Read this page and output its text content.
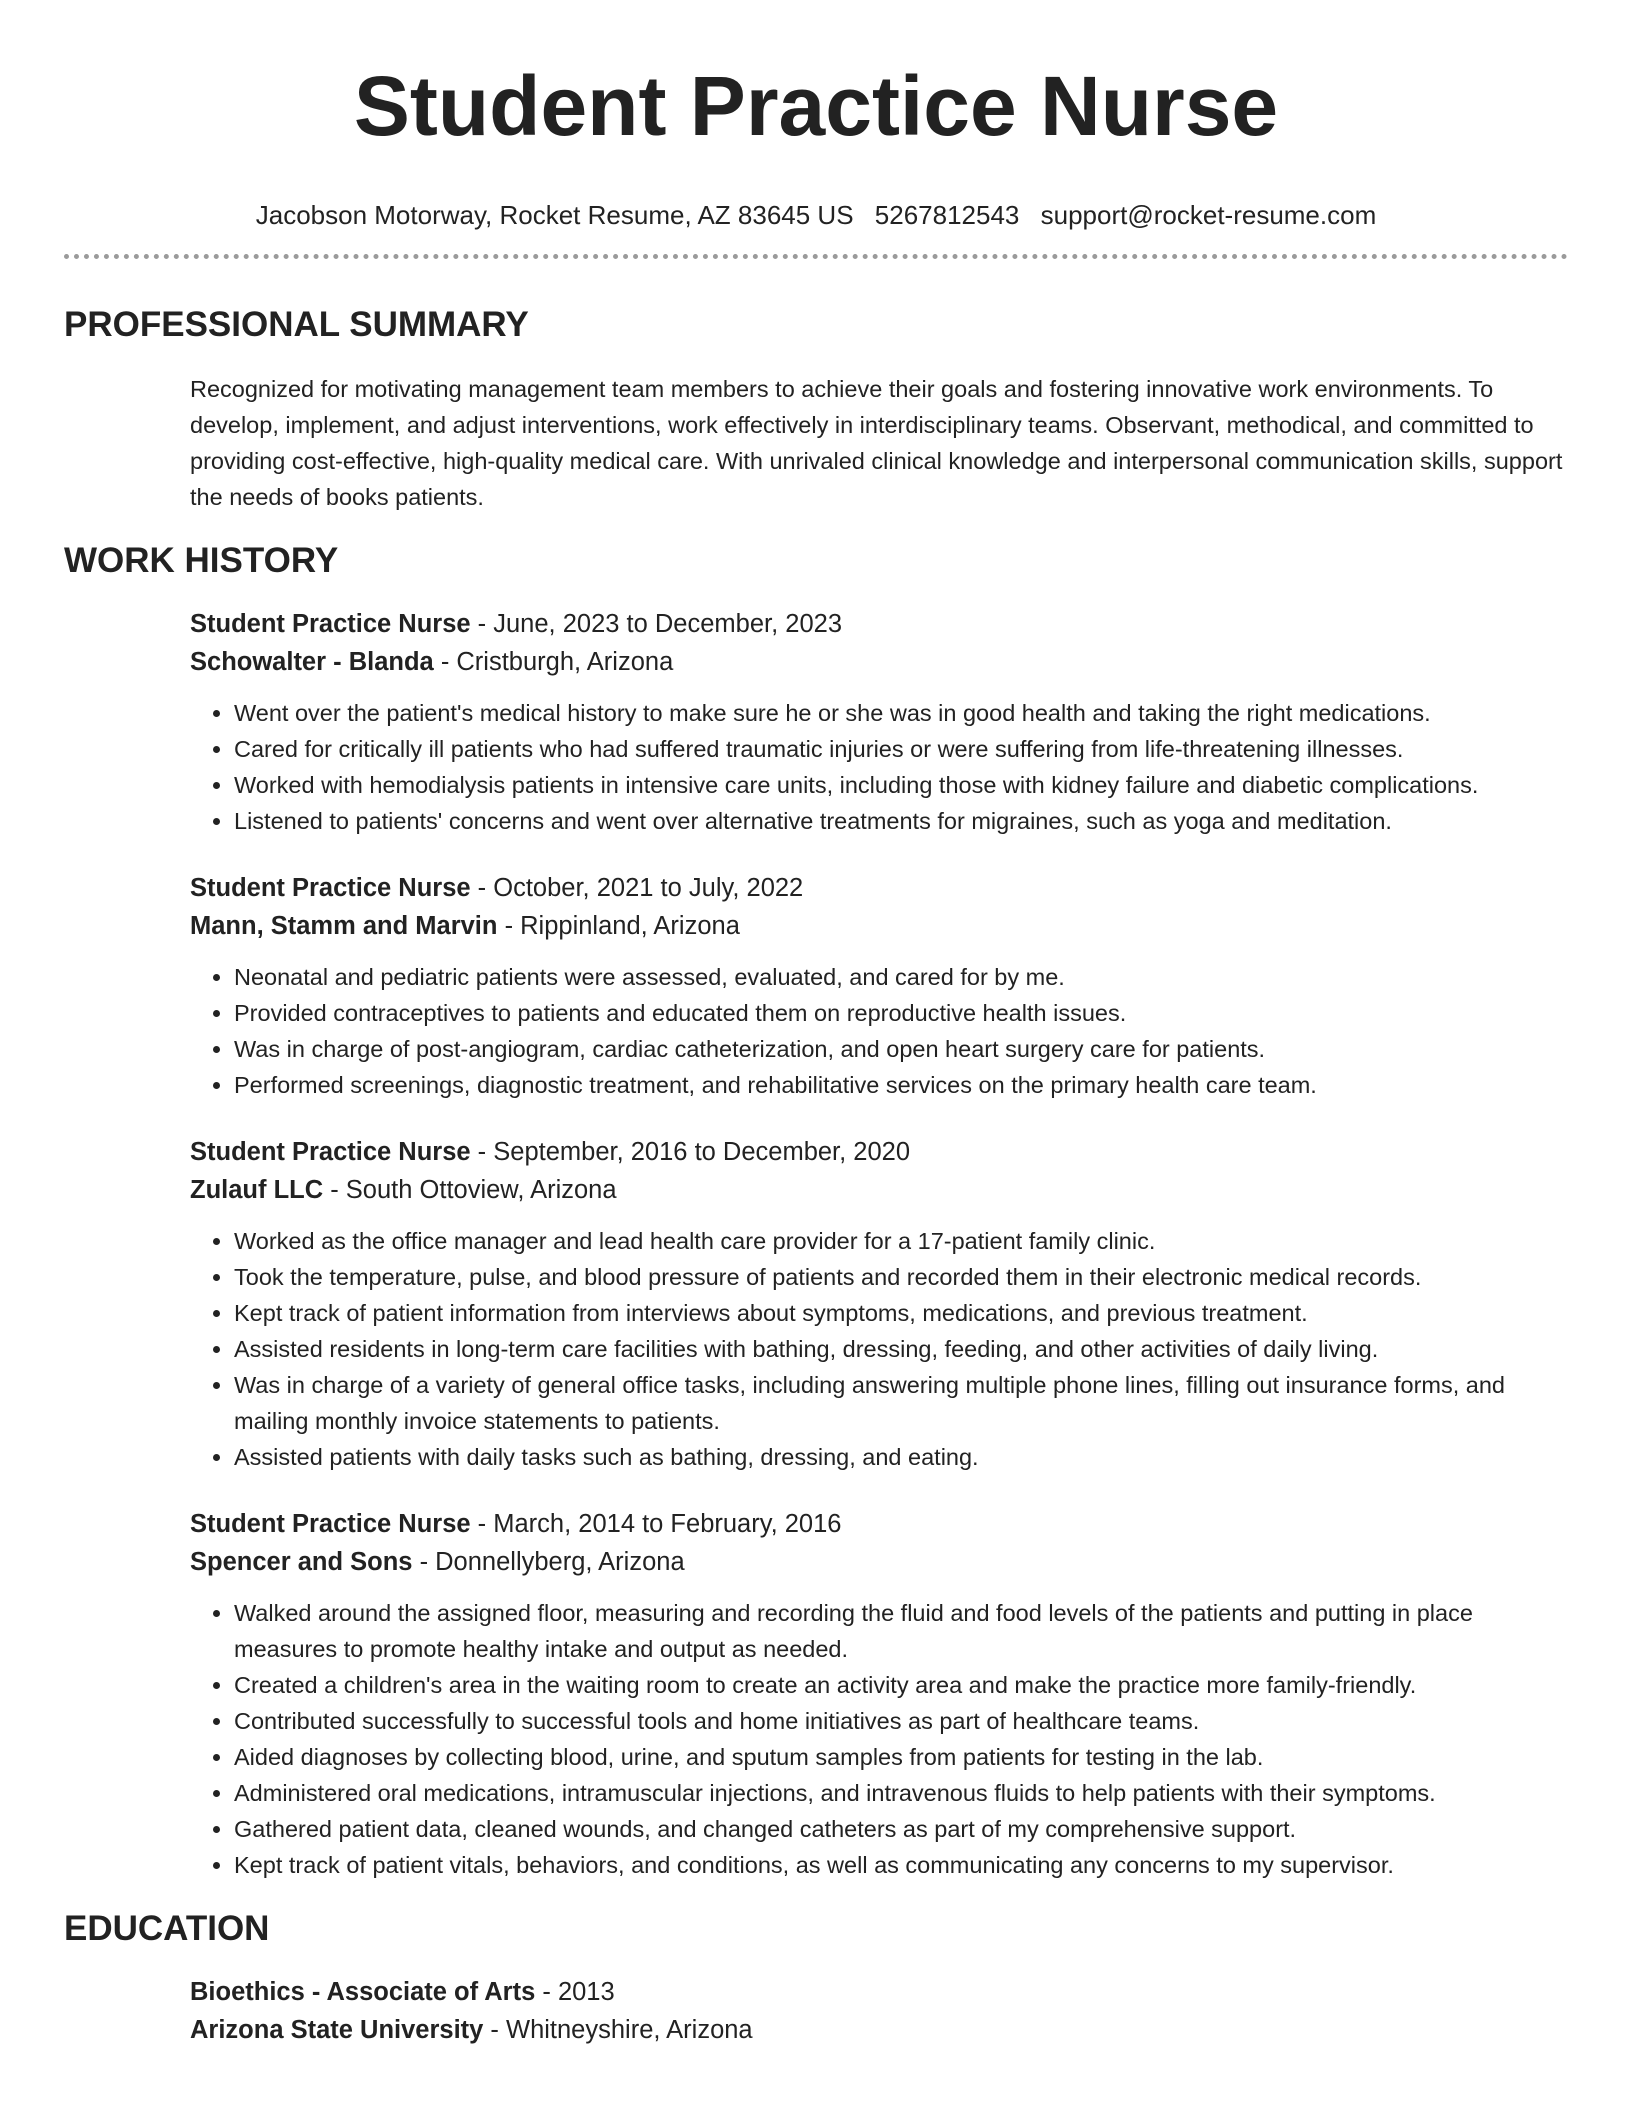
Student Practice Nurse
Jacobson Motorway, Rocket Resume, AZ 83645 US 5267812543 support@rocket-resume.com
PROFESSIONAL SUMMARY
Recognized for motivating management team members to achieve their goals and fostering innovative work environments. To develop, implement, and adjust interventions, work effectively in interdisciplinary teams. Observant, methodical, and committed to providing cost-effective, high-quality medical care. With unrivaled clinical knowledge and interpersonal communication skills, support the needs of books patients.
WORK HISTORY
Student Practice Nurse - June, 2023 to December, 2023
Schowalter - Blanda - Cristburgh, Arizona
• Went over the patient's medical history to make sure he or she was in good health and taking the right medications.
• Cared for critically ill patients who had suffered traumatic injuries or were suffering from life-threatening illnesses.
• Worked with hemodialysis patients in intensive care units, including those with kidney failure and diabetic complications.
• Listened to patients' concerns and went over alternative treatments for migraines, such as yoga and meditation.
Student Practice Nurse - October, 2021 to July, 2022
Mann, Stamm and Marvin - Rippinland, Arizona
• Neonatal and pediatric patients were assessed, evaluated, and cared for by me.
• Provided contraceptives to patients and educated them on reproductive health issues.
• Was in charge of post-angiogram, cardiac catheterization, and open heart surgery care for patients.
• Performed screenings, diagnostic treatment, and rehabilitative services on the primary health care team.
Student Practice Nurse - September, 2016 to December, 2020
Zulauf LLC - South Ottoview, Arizona
• Worked as the office manager and lead health care provider for a 17-patient family clinic.
• Took the temperature, pulse, and blood pressure of patients and recorded them in their electronic medical records.
• Kept track of patient information from interviews about symptoms, medications, and previous treatment.
• Assisted residents in long-term care facilities with bathing, dressing, feeding, and other activities of daily living.
• Was in charge of a variety of general office tasks, including answering multiple phone lines, filling out insurance forms, and mailing monthly invoice statements to patients.
• Assisted patients with daily tasks such as bathing, dressing, and eating.
Student Practice Nurse - March, 2014 to February, 2016
Spencer and Sons - Donnellyberg, Arizona
• Walked around the assigned floor, measuring and recording the fluid and food levels of the patients and putting in place measures to promote healthy intake and output as needed.
• Created a children's area in the waiting room to create an activity area and make the practice more family-friendly.
• Contributed successfully to successful tools and home initiatives as part of healthcare teams.
• Aided diagnoses by collecting blood, urine, and sputum samples from patients for testing in the lab.
• Administered oral medications, intramuscular injections, and intravenous fluids to help patients with their symptoms.
• Gathered patient data, cleaned wounds, and changed catheters as part of my comprehensive support.
• Kept track of patient vitals, behaviors, and conditions, as well as communicating any concerns to my supervisor.
EDUCATION
Bioethics - Associate of Arts - 2013
Arizona State University - Whitneyshire, Arizona
